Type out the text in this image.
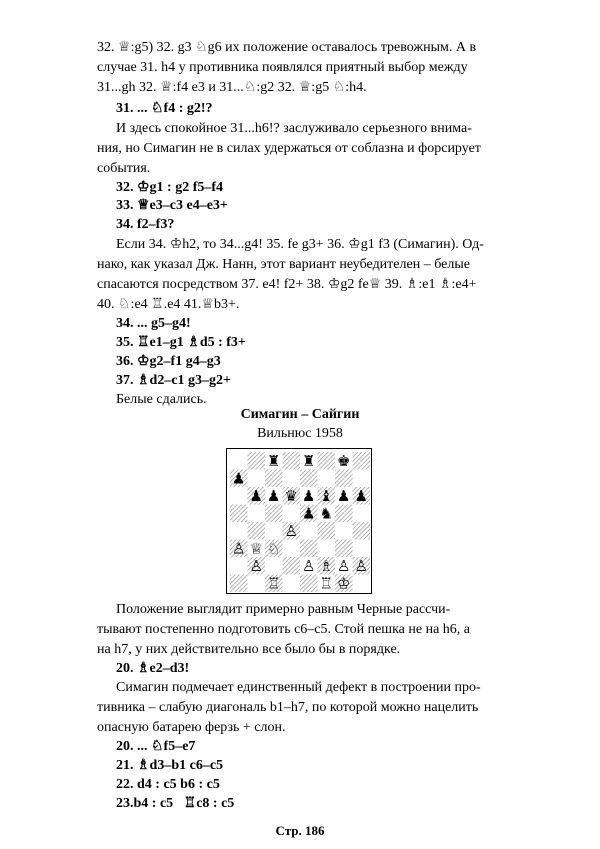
32. ♕:g5) 32. g3 ♘g6 их положение оставалось тревожным. А в

случае 31. h4 у противника появлялся приятный выбор между

31...gh 32. ♕:f4 e3 и 31...♘:g2 32. ♕:g5 ♘:h4.

31. ... ♘f4 : g2!?

И здесь спокойное 31...h6!? заслуживало серьезного внима-

ния, но Симагин не в силах удержаться от соблазна и форсирует

события.

32. ♔g1 : g2 f5–f4

33. ♕e3–c3 e4–e3+

34. f2–f3?

Если 34. ♔h2, то 34...g4! 35. fe g3+ 36. ♔g1 f3 (Симагин). Од-

нако, как указал Дж. Нанн, этот вариант неубедителен – белые

спасаются посредством 37. e4! f2+ 38. ♔g2 fe♕ 39. ♗:e1 ♗:e4+

40. ♘:e4 ♖.e4 41.♕b3+.

34. ... g5–g4!

35. ♖e1–g1 ♗d5 : f3+

36. ♔g2–f1 g4–g3

37. ♗d2–c1 g3–g2+

Белые сдались.

Симагин – Сайгин

Вильнюс 1958

♜ ♜ ♚
♟
♟ ♟ ♛ ♟ ♝ ♟ ♟
♟ ♞
♙
♙ ♕ ♘
♙	♙ ♗ ♙ ♙
♖	♖ ♔

Положение выглядит примерно равным Черные рассчи-

тывают постепенно подготовить c6–c5. Стой пешка не на h6, а

на h7, у них действительно все было бы в порядке.

20. ♗e2–d3!

Симагин подмечает единственный дефект в построении про-

тивника – слабую диагональ b1–h7, по которой можно нацелить

опасную батарею ферзь + слон.

20. ... ♘f5–e7

21. ♗d3–b1 c6–c5

22. d4 : c5 b6 : c5

23.b4 : c5   ♖c8 : c5

Стр. 186
